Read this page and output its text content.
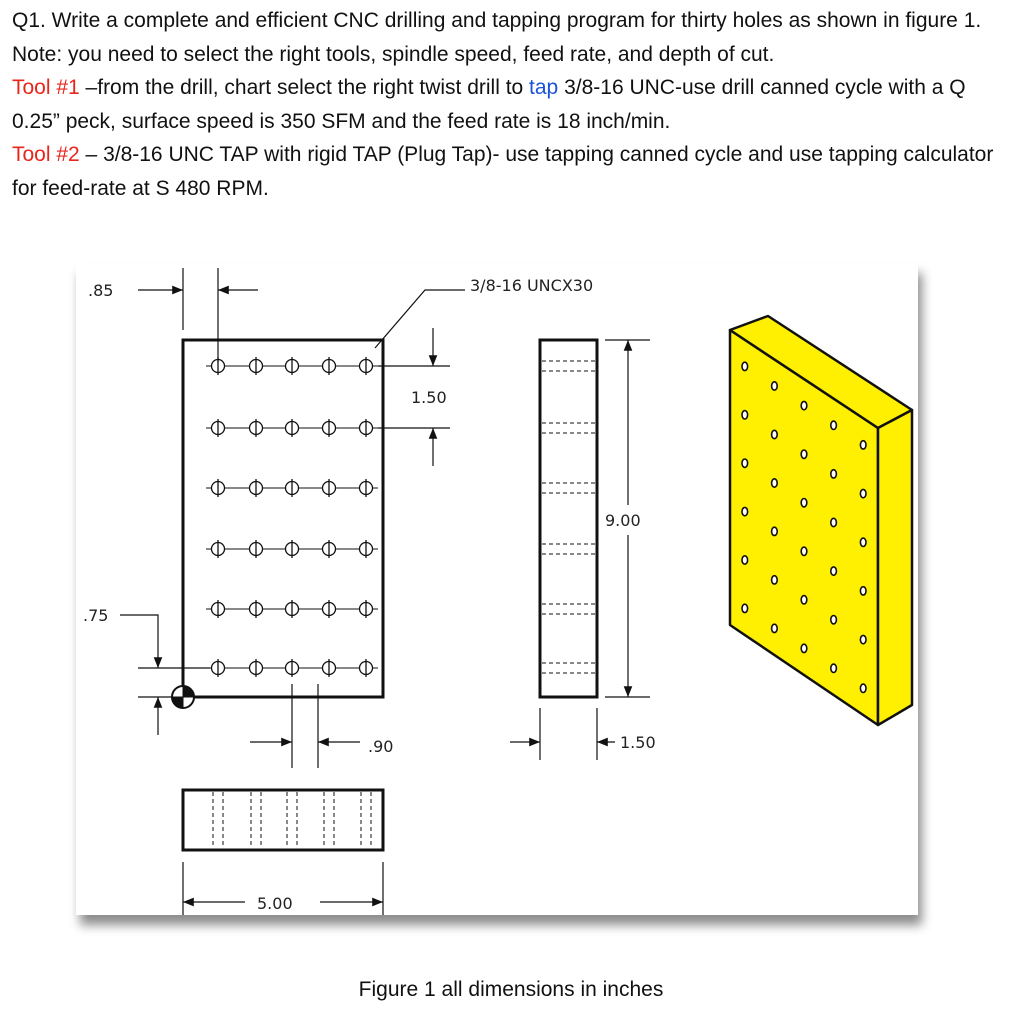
Q1. Write a complete and efficient CNC drilling and tapping program for thirty holes as shown in figure 1.

Note: you need to select the right tools, spindle speed, feed rate, and depth of cut.

Tool #1 –from the drill, chart select the right twist drill to tap 3/8-16 UNC-use drill canned cycle with a Q 0.25” peck, surface speed is 350 SFM and the feed rate is 18 inch/min.

Tool #2 – 3/8-16 UNC TAP with rigid TAP (Plug Tap)- use tapping canned cycle and use tapping calculator for feed-rate at S 480 RPM.

.85	3/8-16 UNCX30
1.50
.75
.90
5.00
9.00
1.50
Figure 1 all dimensions in inches
